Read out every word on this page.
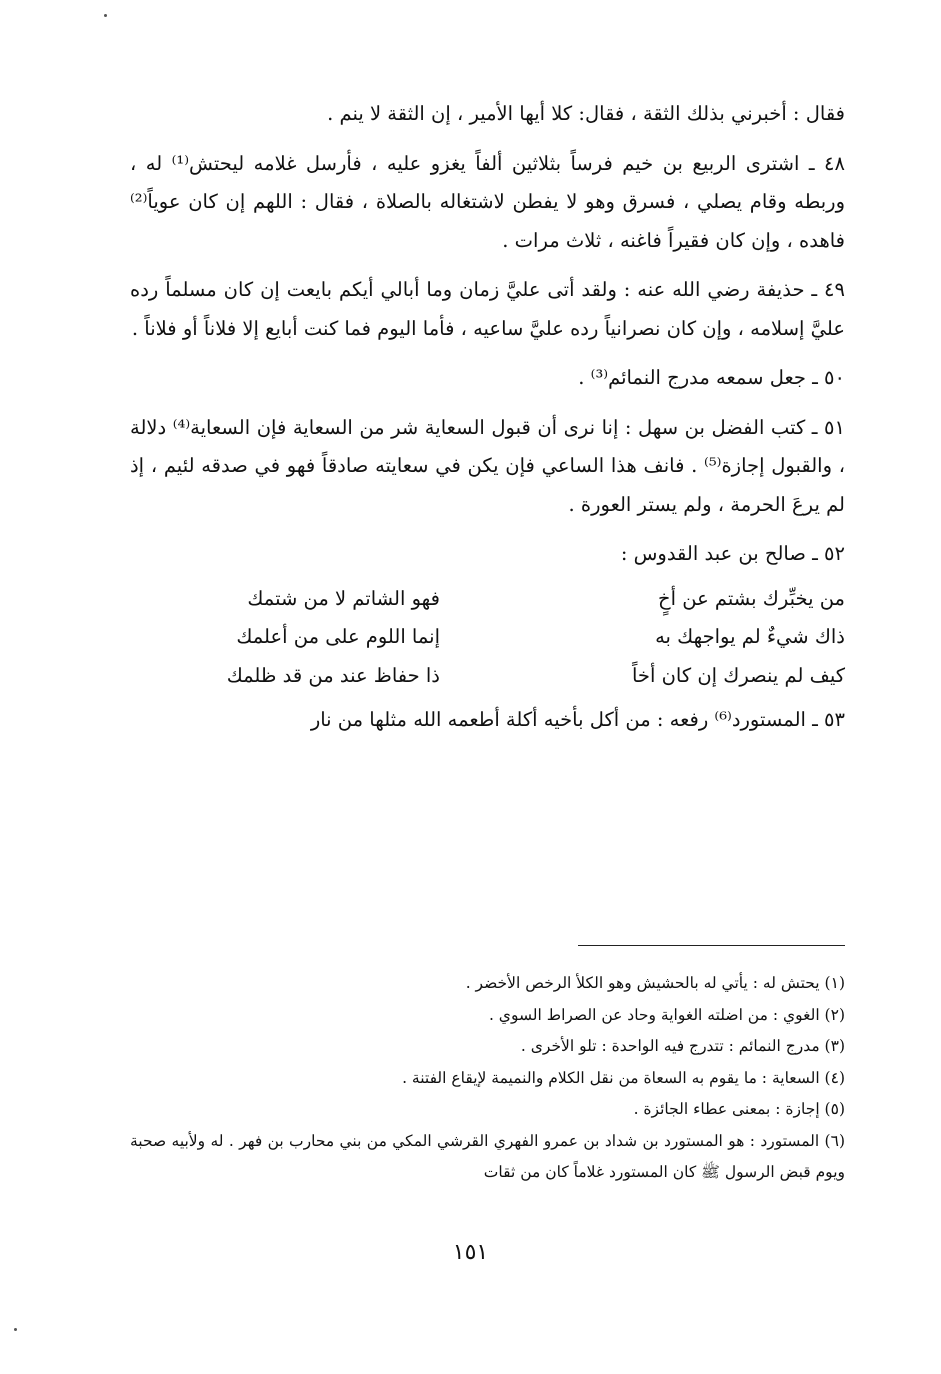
فقال : أخبرني بذلك الثقة ، فقال: كلا أيها الأمير ، إن الثقة لا ينم .

٤٨ ـ اشترى الربيع بن خيم فرساً بثلاثين ألفاً يغزو عليه ، فأرسل غلامه ليحتش⁽¹⁾ له ، وربطه وقام يصلي ، فسرق وهو لا يفطن لاشتغاله بالصلاة ، فقال : اللهم إن كان عوياً⁽²⁾ فاهده ، وإن كان فقيراً فاغنه ، ثلاث مرات .

٤٩ ـ حذيفة رضي الله عنه : ولقد أتى عليَّ زمان وما أبالي أيكم بايعت إن كان مسلماً رده عليَّ إسلامه ، وإن كان نصرانياً رده عليَّ ساعيه ، فأما اليوم فما كنت أبايع إلا فلاناً أو فلاناً .

٥٠ ـ جعل سمعه مدرج النمائم⁽³⁾ .

٥١ ـ كتب الفضل بن سهل : إنا نرى أن قبول السعاية شر من السعاية فإن السعاية⁽⁴⁾ دلالة ، والقبول إجازة⁽⁵⁾ . فانف هذا الساعي فإن يكن في سعايته صادقاً فهو في صدقه لئيم ، إذ لم يرعَ الحرمة ، ولم يستر العورة .

٥٢ ـ صالح بن عبد القدوس :

من يخبِّرك بشتم عن أخٍ
فهو الشاتم لا من شتمك
ذاك شيءٌ لم يواجهك به
إنما اللوم على من أعلمك
كيف لم ينصرك إن كان أخاً
ذا حفاظ عند من قد ظلمك

٥٣ ـ المستورد⁽⁶⁾ رفعه : من أكل بأخيه أكلة أطعمه الله مثلها من نار

(١) يحتش له : يأتي له بالحشيش وهو الكلأ الرخص الأخضر .

(٢) الغوي : من اضلته الغواية وحاد عن الصراط السوي .

(٣) مدرج النمائم : تتدرج فيه الواحدة : تلو الأخرى .

(٤) السعاية : ما يقوم به السعاة من نقل الكلام والنميمة لإيقاع الفتنة .

(٥) إجازة : بمعنى عطاء الجائزة .

(٦) المستورد : هو المستورد بن شداد بن عمرو الفهري القرشي المكي من بني محارب بن فهر . له ولأبيه صحبة ويوم قبض الرسول ﷺ كان المستورد غلاماً كان من ثقات

١٥١
